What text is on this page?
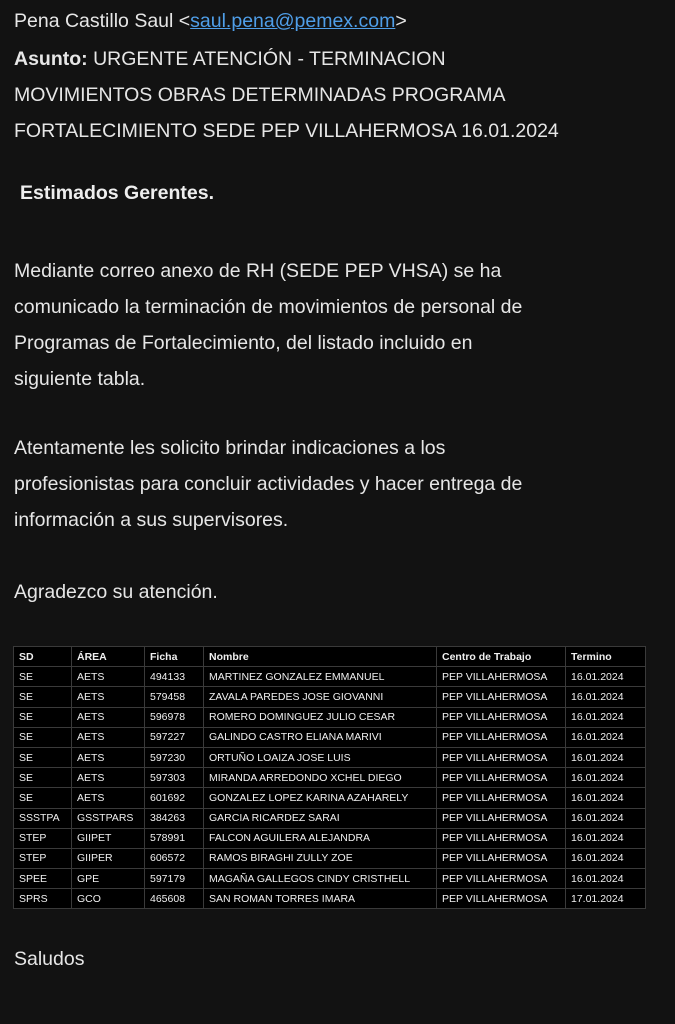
Pena Castillo Saul <saul.pena@pemex.com>
Asunto: URGENTE ATENCIÓN - TERMINACION
MOVIMIENTOS OBRAS DETERMINADAS PROGRAMA
FORTALECIMIENTO SEDE PEP VILLAHERMOSA 16.01.2024
Estimados Gerentes.
Mediante correo anexo de RH (SEDE PEP VHSA) se ha
comunicado la terminación de movimientos de personal de
Programas de Fortalecimiento, del listado incluido en
siguiente tabla.
Atentamente les solicito brindar indicaciones a los
profesionistas para concluir actividades y hacer entrega de
información a sus supervisores.
Agradezco su atención.
SD	ÁREA	Ficha	Nombre	Centro de Trabajo	Termino
SE	AETS	494133	MARTINEZ GONZALEZ EMMANUEL	PEP VILLAHERMOSA	16.01.2024
SE	AETS	579458	ZAVALA PAREDES JOSE GIOVANNI	PEP VILLAHERMOSA	16.01.2024
SE	AETS	596978	ROMERO DOMINGUEZ JULIO CESAR	PEP VILLAHERMOSA	16.01.2024
SE	AETS	597227	GALINDO CASTRO ELIANA MARIVI	PEP VILLAHERMOSA	16.01.2024
SE	AETS	597230	ORTUÑO LOAIZA JOSE LUIS	PEP VILLAHERMOSA	16.01.2024
SE	AETS	597303	MIRANDA ARREDONDO XCHEL DIEGO	PEP VILLAHERMOSA	16.01.2024
SE	AETS	601692	GONZALEZ LOPEZ KARINA AZAHARELY	PEP VILLAHERMOSA	16.01.2024
SSSTPA	GSSTPARS	384263	GARCIA RICARDEZ SARAI	PEP VILLAHERMOSA	16.01.2024
STEP	GIIPET	578991	FALCON AGUILERA ALEJANDRA	PEP VILLAHERMOSA	16.01.2024
STEP	GIIPER	606572	RAMOS BIRAGHI ZULLY ZOE	PEP VILLAHERMOSA	16.01.2024
SPEE	GPE	597179	MAGAÑA GALLEGOS CINDY CRISTHELL	PEP VILLAHERMOSA	16.01.2024
SPRS	GCO	465608	SAN ROMAN TORRES IMARA	PEP VILLAHERMOSA	17.01.2024
Saludos
